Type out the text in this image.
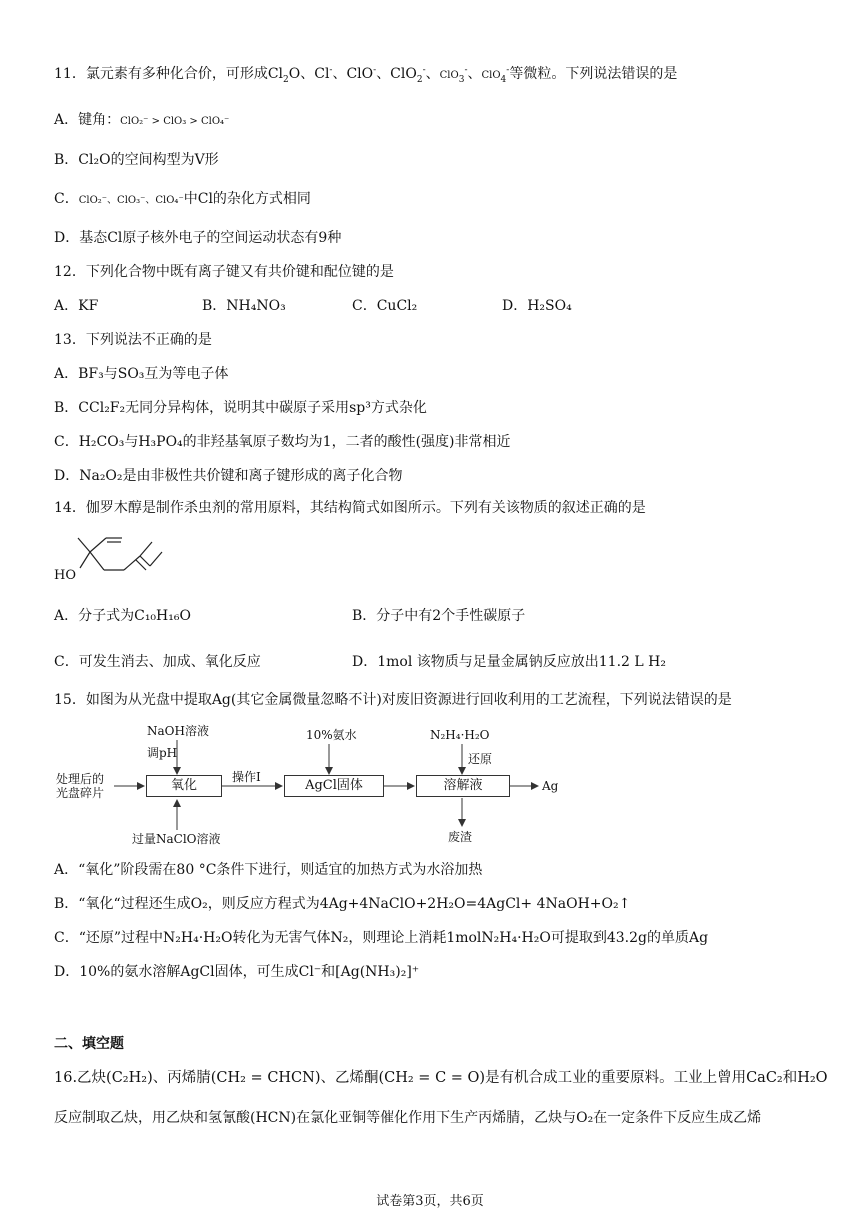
11．氯元素有多种化合价，可形成$Cl_2O$、Cl-、ClO-、ClO$_2$-、ClO$_3$-、ClO$_4$-等微粒。下列说法错误的是
A．键角：ClO₂⁻ > ClO₃ > ClO₄⁻
B．Cl₂O的空间构型为V形
C．ClO₂⁻、ClO₃⁻、ClO₄⁻中Cl的杂化方式相同
D．基态Cl原子核外电子的空间运动状态有9种
12．下列化合物中既有离子键又有共价键和配位键的是
A．KF	B．NH₄NO₃	C．CuCl₂	D．H₂SO₄
13．下列说法不正确的是
A．BF₃与SO₃互为等电子体
B．CCl₂F₂无同分异构体，说明其中碳原子采用sp³方式杂化
C．H₂CO₃与H₃PO₄的非羟基氧原子数均为1，二者的酸性(强度)非常相近
D．Na₂O₂是由非极性共价键和离子键形成的离子化合物
14．伽罗木醇是制作杀虫剂的常用原料，其结构简式如图所示。下列有关该物质的叙述正确的是
HO
A．分子式为C₁₀H₁₆O	B．分子中有2个手性碳原子
C．可发生消去、加成、氧化反应	D．1mol 该物质与足量金属钠反应放出11.2 L H₂
15．如图为从光盘中提取Ag(其它金属微量忽略不计)对废旧资源进行回收利用的工艺流程，下列说法错误的是
处理后的
光盘碎片
NaOH溶液
调pH
氧化
过量NaClO溶液
操作I
AgCl固体
10%氨水	N₂H₄·H₂O
还原
溶解液	Ag
废渣
A．“氧化”阶段需在80 °C条件下进行，则适宜的加热方式为水浴加热
B．“氧化“过程还生成O₂，则反应方程式为4Ag+4NaClO+2H₂O=4AgCl+ 4NaOH+O₂↑
C．“还原”过程中N₂H₄·H₂O转化为无害气体N₂，则理论上消耗1molN₂H₄·H₂O可提取到43.2g的单质Ag
D．10%的氨水溶解AgCl固体，可生成Cl⁻和[Ag(NH₃)₂]⁺
二、填空题
16.乙炔(C₂H₂)、丙烯腈(CH₂ = CHCN)、乙烯酮(CH₂ = C = O)是有机合成工业的重要原料。工业上曾用CaC₂和H₂O
反应制取乙炔，用乙炔和氢氰酸(HCN)在氯化亚铜等催化作用下生产丙烯腈，乙炔与O₂在一定条件下反应生成乙烯
试卷第3页，共6页
